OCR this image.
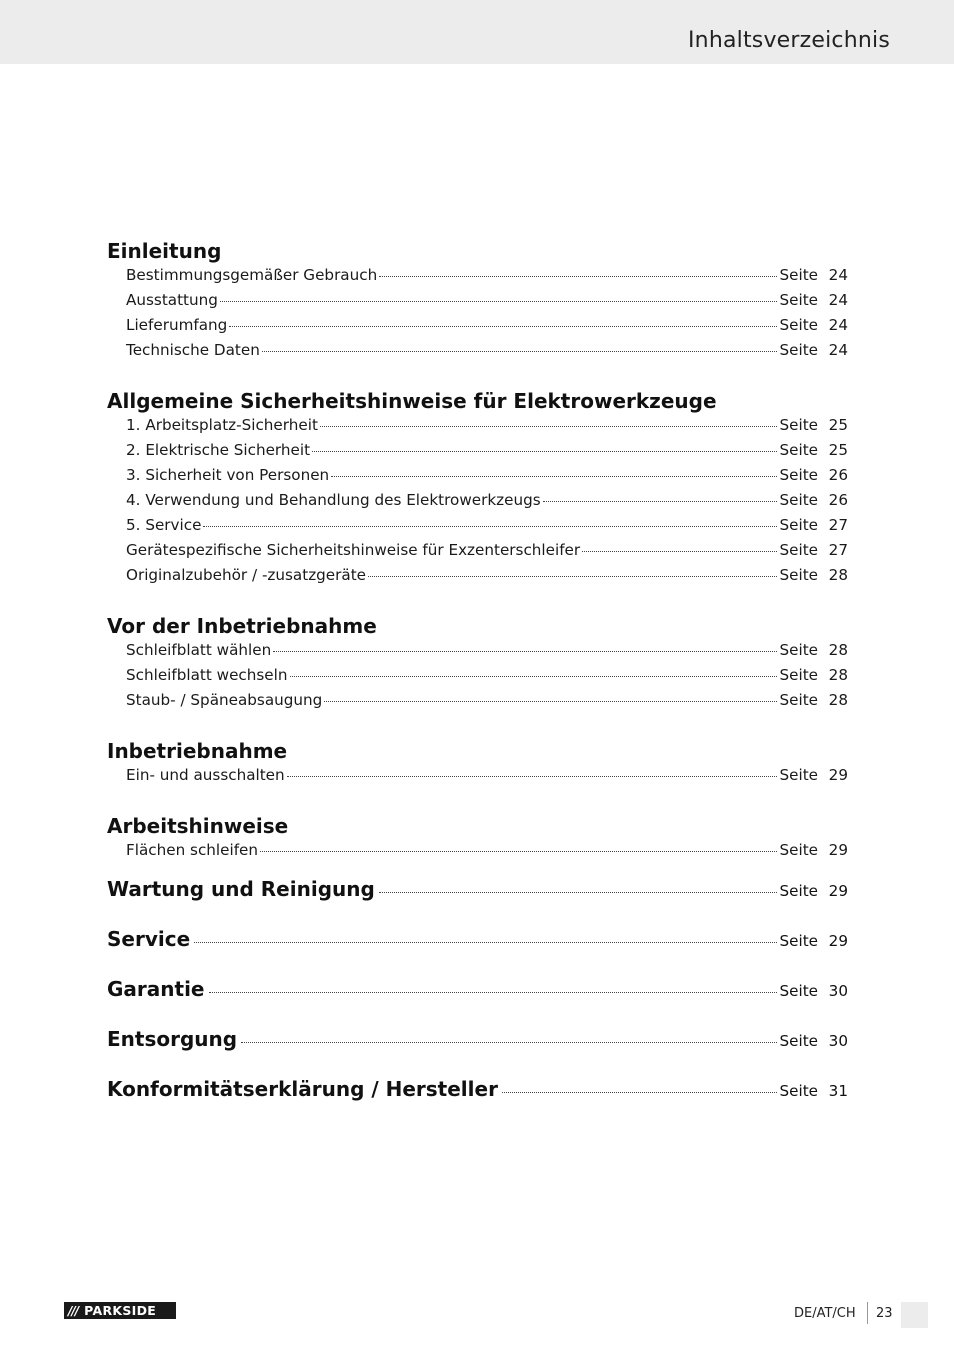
Inhaltsverzeichnis
Einleitung
Bestimmungsgemäßer Gebrauch	Seite 24
Ausstattung	Seite 24
Lieferumfang	Seite 24
Technische Daten	Seite 24
Allgemeine Sicherheitshinweise für Elektrowerkzeuge
1. Arbeitsplatz-Sicherheit	Seite 25
2. Elektrische Sicherheit	Seite 25
3. Sicherheit von Personen	Seite 26
4. Verwendung und Behandlung des Elektrowerkzeugs	Seite 26
5. Service	Seite 27
Gerätespezifische Sicherheitshinweise für Exzenterschleifer	Seite 27
Originalzubehör / -zusatzgeräte	Seite 28
Vor der Inbetriebnahme
Schleifblatt wählen	Seite 28
Schleifblatt wechseln	Seite 28
Staub- / Späneabsaugung	Seite 28
Inbetriebnahme
Ein- und ausschalten	Seite 29
Arbeitshinweise
Flächen schleifen	Seite 29
Wartung und Reinigung	Seite 29
Service	Seite 29
Garantie	Seite 30
Entsorgung	Seite 30
Konformitätserklärung / Hersteller	Seite 31
/// PARKSIDE	DE/AT/CH 23
